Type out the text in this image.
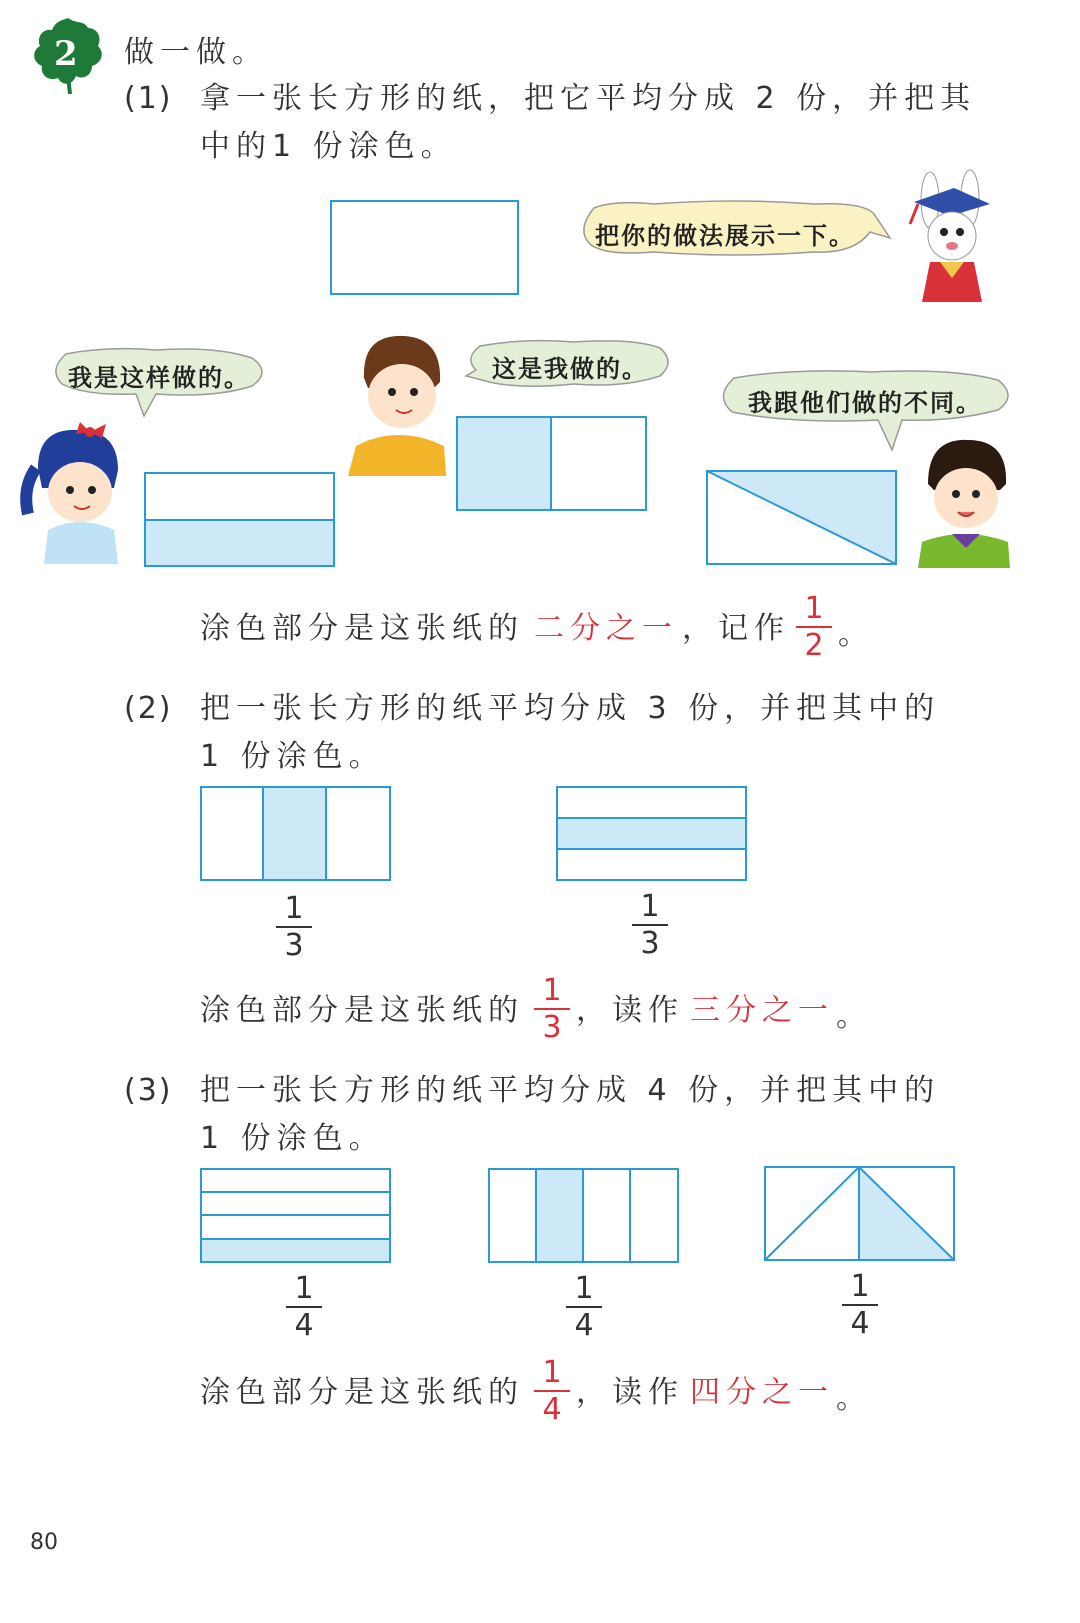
2 做一做。
(1) 拿一张长方形的纸，把它平均分成 2 份，并把其
中的1 份涂色。
把你的做法展示一下。
我是这样做的。	这是我做的。
我跟他们做的不同。
涂色部分是这张纸的 二分之一 ，记作
1
2 。
(2) 把一张长方形的纸平均分成 3 份，并把其中的
1 份涂色。
1
3
1
3
涂色部分是这张纸的
1
3 ，读作 三分之一 。
(3) 把一张长方形的纸平均分成 4 份，并把其中的
1 份涂色。
1
4
1
4
1
4
涂色部分是这张纸的
1
4 ，读作 四分之一 。
80
